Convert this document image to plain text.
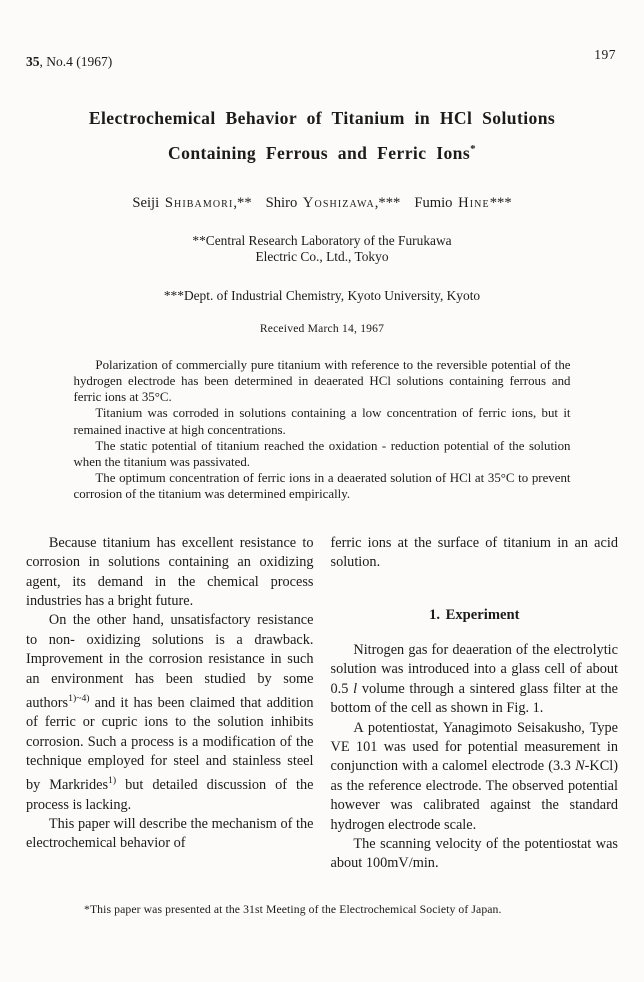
35, No.4 (1967)	197
Electrochemical Behavior of Titanium in HCl Solutions
Containing Ferrous and Ferric Ions*
Seiji Shibamori,** Shiro Yoshizawa,*** Fumio Hine***
**Central Research Laboratory of the Furukawa
Electric Co., Ltd., Tokyo
***Dept. of Industrial Chemistry, Kyoto University, Kyoto
Received March 14, 1967

Polarization of commercially pure titanium with reference to the reversible potential of the hydrogen electrode has been determined in deaerated HCl solutions containing ferrous and ferric ions at 35°C.

Titanium was corroded in solutions containing a low concentration of ferric ions, but it remained inactive at high concentrations.

The static potential of titanium reached the oxidation - reduction potential of the solution when the titanium was passivated.

The optimum concentration of ferric ions in a deaerated solution of HCl at 35°C to prevent corrosion of the titanium was determined empirically.

Because titanium has excellent resistance to corrosion in solutions containing an oxidizing agent, its demand in the chemical process industries has a bright future.

On the other hand, unsatisfactory resistance to non- oxidizing solutions is a drawback. Improvement in the corrosion resistance in such an environment has been studied by some authors$^{1)\sim 4)}$ and it has been claimed that addition of ferric or cupric ions to the solution inhibits corrosion. Such a process is a modification of the technique employed for steel and stainless steel by Markrides$^{1)}$ but detailed discussion of the process is lacking.

This paper will describe the mechanism of the electrochemical behavior of

ferric ions at the surface of titanium in an acid solution.

1. Experiment

Nitrogen gas for deaeration of the electrolytic solution was introduced into a glass cell of about 0.5 l volume through a sintered glass filter at the bottom of the cell as shown in Fig. 1.

A potentiostat, Yanagimoto Seisakusho, Type VE 101 was used for potential measurement in conjunction with a calomel electrode (3.3 N-KCl) as the reference electrode. The observed potential however was calibrated against the standard hydrogen electrode scale.

The scanning velocity of the potentiostat was about 100mV/min.

*This paper was presented at the 31st Meeting of the Electrochemical Society of Japan.
